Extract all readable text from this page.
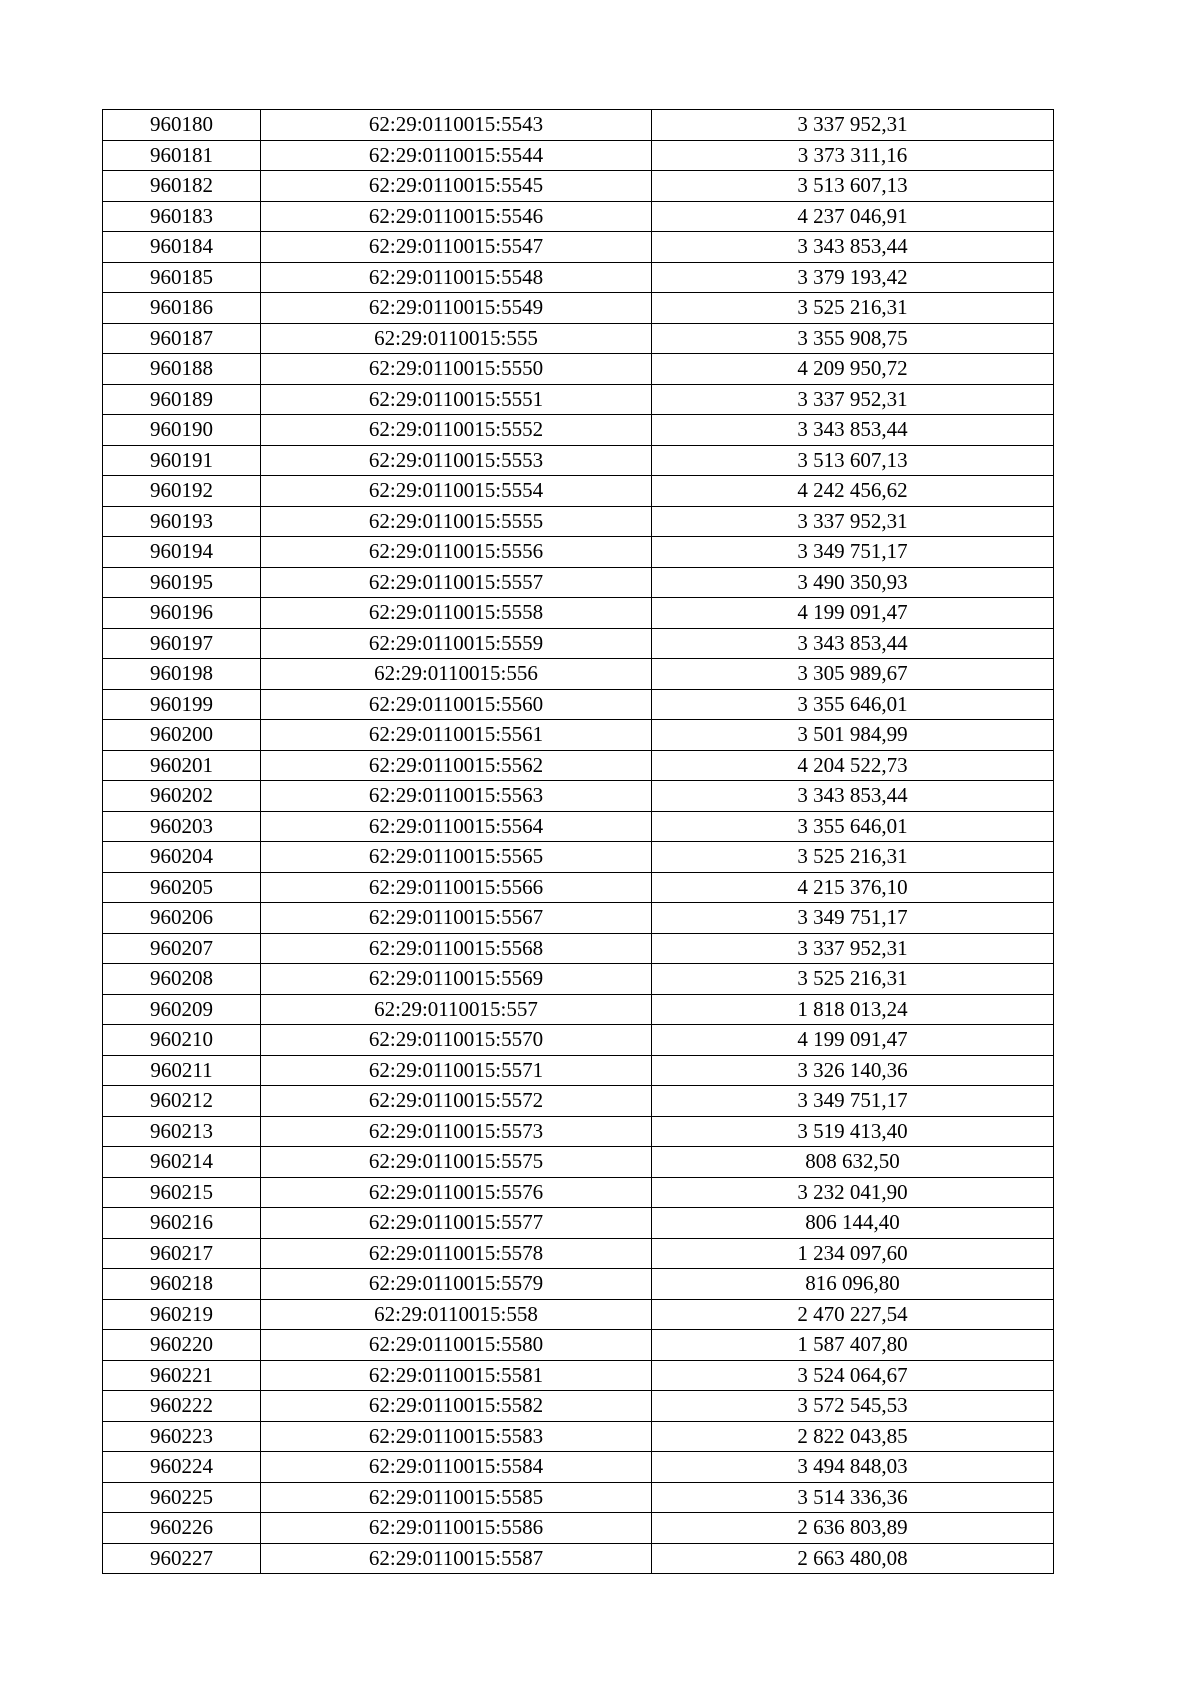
960180	62:29:0110015:5543	3 337 952,31
960181	62:29:0110015:5544	3 373 311,16
960182	62:29:0110015:5545	3 513 607,13
960183	62:29:0110015:5546	4 237 046,91
960184	62:29:0110015:5547	3 343 853,44
960185	62:29:0110015:5548	3 379 193,42
960186	62:29:0110015:5549	3 525 216,31
960187	62:29:0110015:555	3 355 908,75
960188	62:29:0110015:5550	4 209 950,72
960189	62:29:0110015:5551	3 337 952,31
960190	62:29:0110015:5552	3 343 853,44
960191	62:29:0110015:5553	3 513 607,13
960192	62:29:0110015:5554	4 242 456,62
960193	62:29:0110015:5555	3 337 952,31
960194	62:29:0110015:5556	3 349 751,17
960195	62:29:0110015:5557	3 490 350,93
960196	62:29:0110015:5558	4 199 091,47
960197	62:29:0110015:5559	3 343 853,44
960198	62:29:0110015:556	3 305 989,67
960199	62:29:0110015:5560	3 355 646,01
960200	62:29:0110015:5561	3 501 984,99
960201	62:29:0110015:5562	4 204 522,73
960202	62:29:0110015:5563	3 343 853,44
960203	62:29:0110015:5564	3 355 646,01
960204	62:29:0110015:5565	3 525 216,31
960205	62:29:0110015:5566	4 215 376,10
960206	62:29:0110015:5567	3 349 751,17
960207	62:29:0110015:5568	3 337 952,31
960208	62:29:0110015:5569	3 525 216,31
960209	62:29:0110015:557	1 818 013,24
960210	62:29:0110015:5570	4 199 091,47
960211	62:29:0110015:5571	3 326 140,36
960212	62:29:0110015:5572	3 349 751,17
960213	62:29:0110015:5573	3 519 413,40
960214	62:29:0110015:5575	808 632,50
960215	62:29:0110015:5576	3 232 041,90
960216	62:29:0110015:5577	806 144,40
960217	62:29:0110015:5578	1 234 097,60
960218	62:29:0110015:5579	816 096,80
960219	62:29:0110015:558	2 470 227,54
960220	62:29:0110015:5580	1 587 407,80
960221	62:29:0110015:5581	3 524 064,67
960222	62:29:0110015:5582	3 572 545,53
960223	62:29:0110015:5583	2 822 043,85
960224	62:29:0110015:5584	3 494 848,03
960225	62:29:0110015:5585	3 514 336,36
960226	62:29:0110015:5586	2 636 803,89
960227	62:29:0110015:5587	2 663 480,08
